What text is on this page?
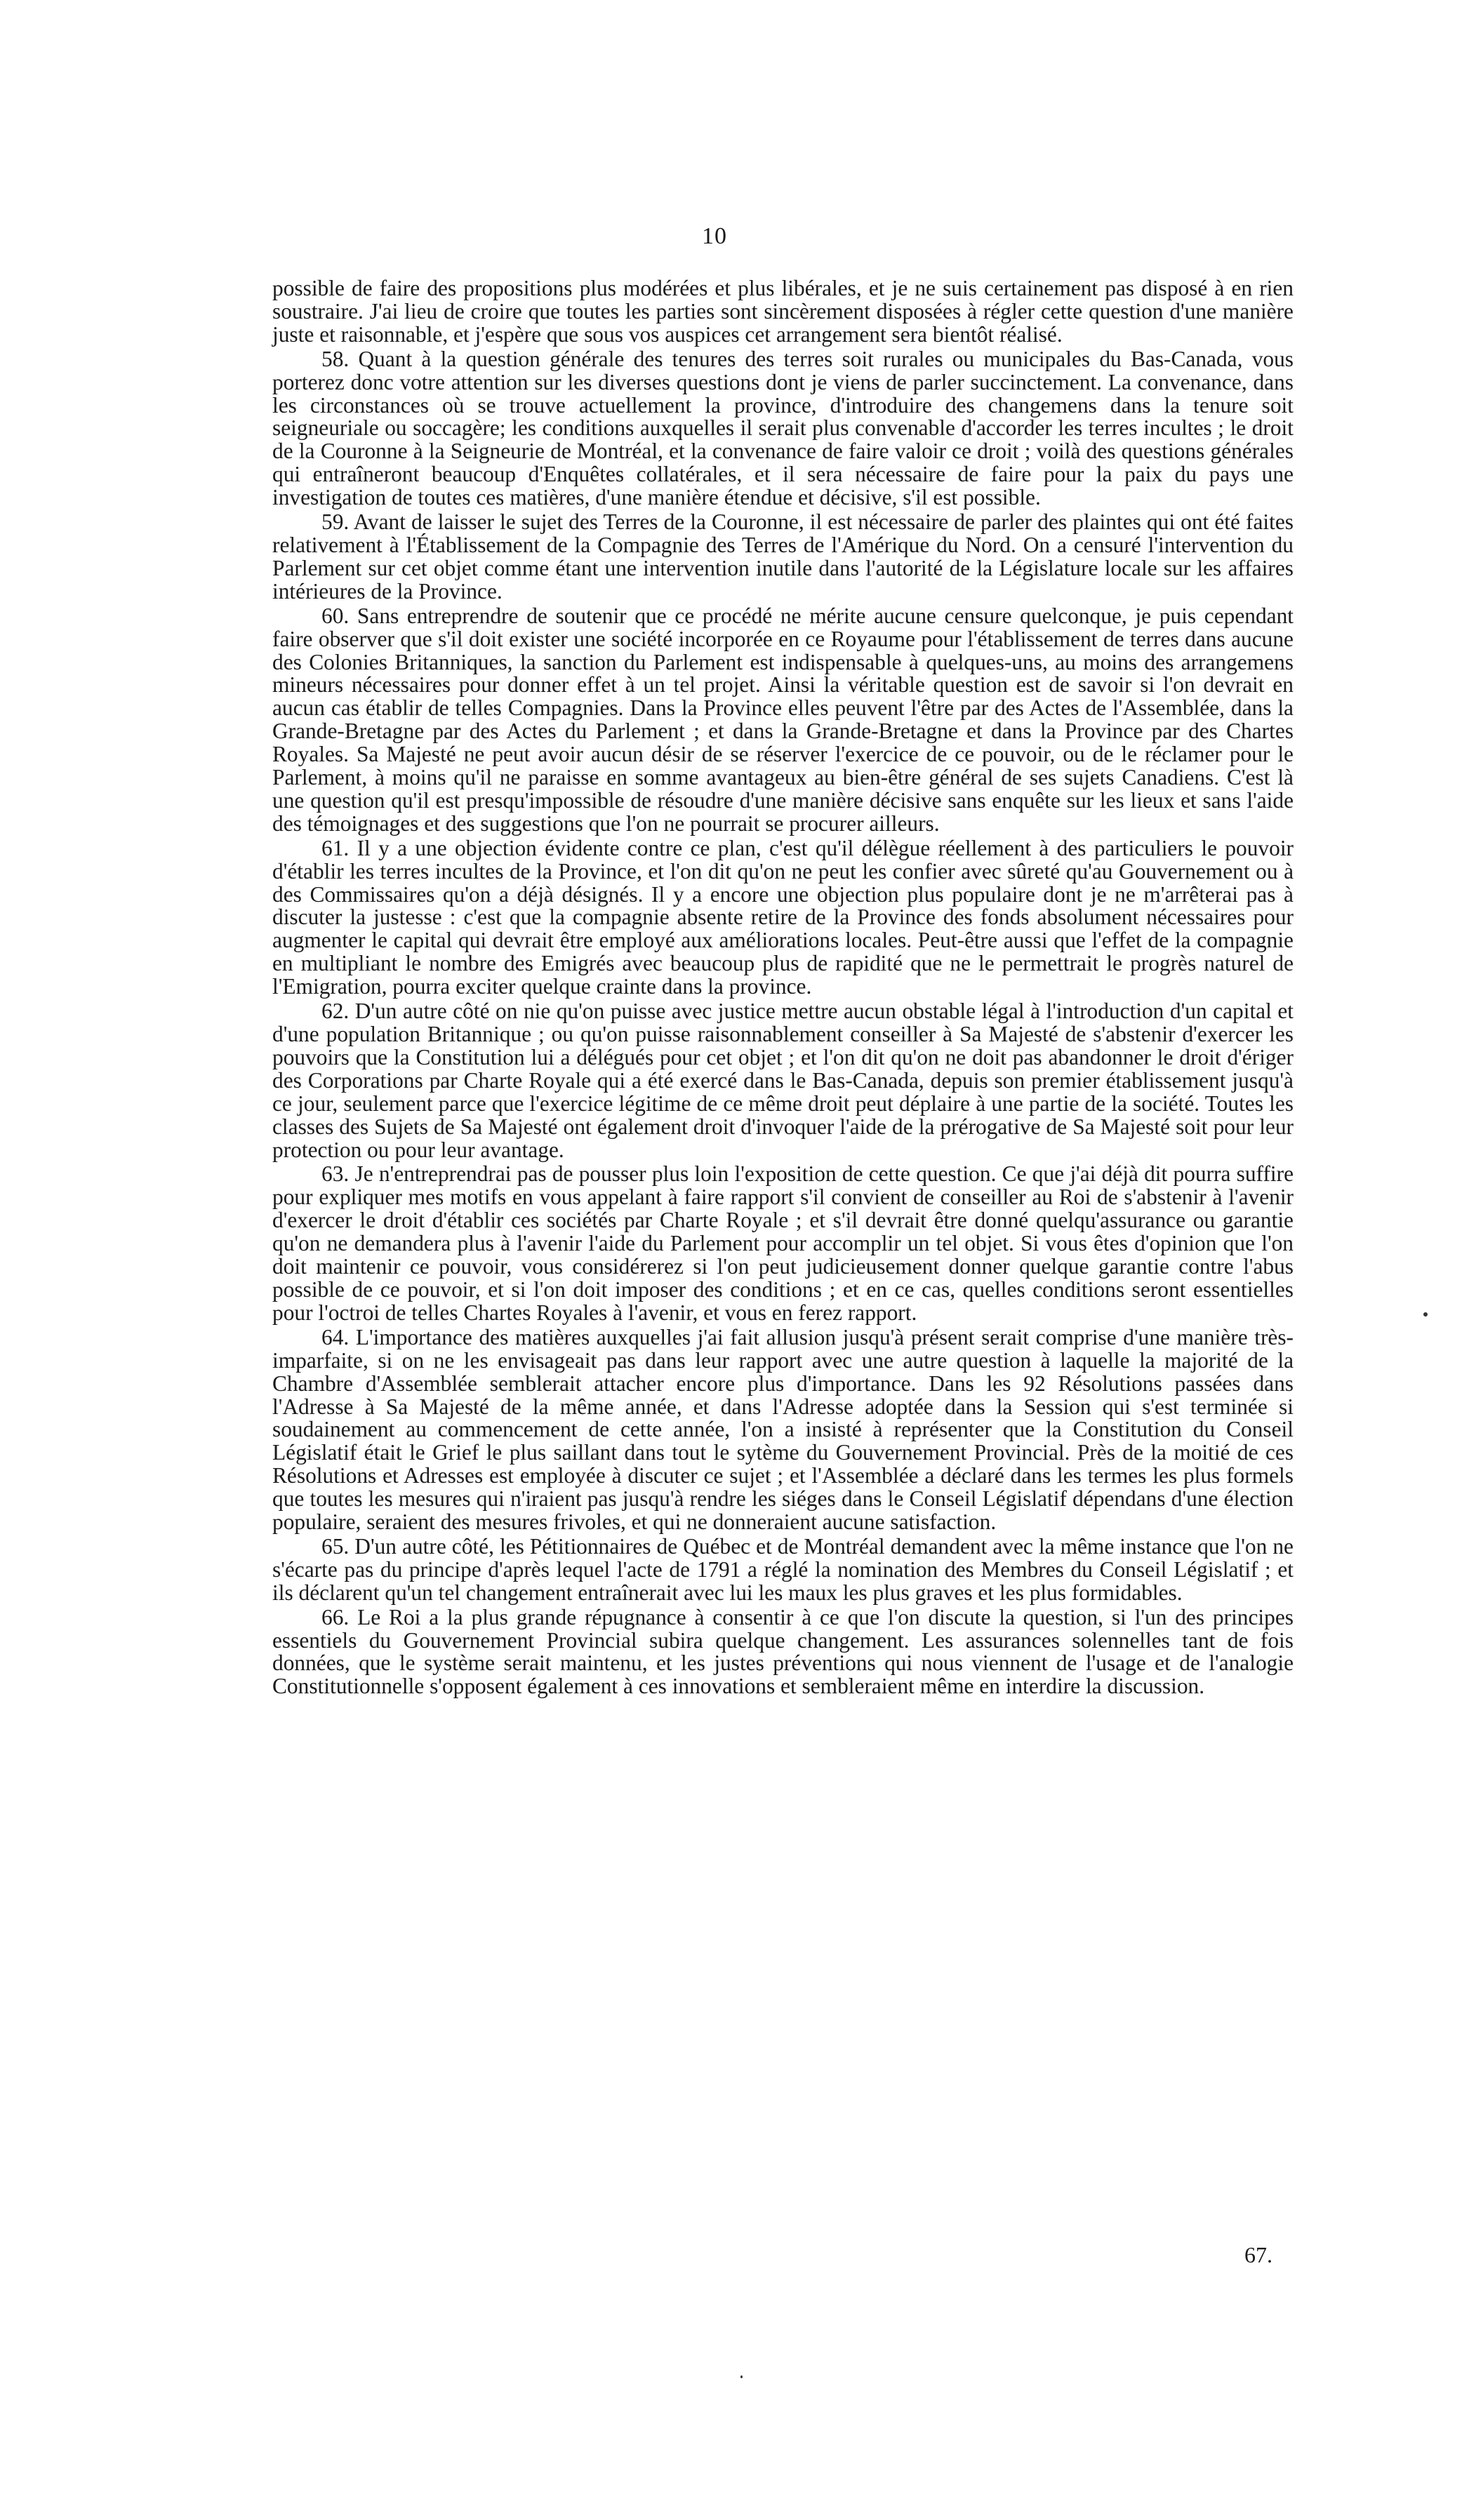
10

possible de faire des propositions plus modérées et plus libérales, et je ne suis certainement pas disposé à en rien soustraire. J'ai lieu de croire que toutes les parties sont sincèrement disposées à régler cette question d'une manière juste et raisonnable, et j'espère que sous vos auspices cet arrangement sera bientôt réalisé.

58. Quant à la question générale des tenures des terres soit rurales ou municipales du Bas-Canada, vous porterez donc votre attention sur les diverses questions dont je viens de parler succinctement. La convenance, dans les circonstances où se trouve actuellement la province, d'introduire des changemens dans la tenure soit seigneuriale ou soccagère; les conditions auxquelles il serait plus convenable d'accorder les terres incultes ; le droit de la Couronne à la Seigneurie de Montréal, et la convenance de faire valoir ce droit ; voilà des questions générales qui entraîneront beaucoup d'Enquêtes collatérales, et il sera nécessaire de faire pour la paix du pays une investigation de toutes ces matières, d'une manière étendue et décisive, s'il est possible.

59. Avant de laisser le sujet des Terres de la Couronne, il est nécessaire de parler des plaintes qui ont été faites relativement à l'Établissement de la Compagnie des Terres de l'Amérique du Nord. On a censuré l'intervention du Parlement sur cet objet comme étant une intervention inutile dans l'autorité de la Législature locale sur les affaires intérieures de la Province.

60. Sans entreprendre de soutenir que ce procédé ne mérite aucune censure quelconque, je puis cependant faire observer que s'il doit exister une société incorporée en ce Royaume pour l'établissement de terres dans aucune des Colonies Britanniques, la sanction du Parlement est indispensable à quelques-uns, au moins des arrangemens mineurs nécessaires pour donner effet à un tel projet. Ainsi la véritable question est de savoir si l'on devrait en aucun cas établir de telles Compagnies. Dans la Province elles peuvent l'être par des Actes de l'Assemblée, dans la Grande-Bretagne par des Actes du Parlement ; et dans la Grande-Bretagne et dans la Province par des Chartes Royales. Sa Majesté ne peut avoir aucun désir de se réserver l'exercice de ce pouvoir, ou de le réclamer pour le Parlement, à moins qu'il ne paraisse en somme avantageux au bien-être général de ses sujets Canadiens. C'est là une question qu'il est presqu'impossible de résoudre d'une manière décisive sans enquête sur les lieux et sans l'aide des témoignages et des suggestions que l'on ne pourrait se procurer ailleurs.

61. Il y a une objection évidente contre ce plan, c'est qu'il délègue réellement à des particuliers le pouvoir d'établir les terres incultes de la Province, et l'on dit qu'on ne peut les confier avec sûreté qu'au Gouvernement ou à des Commissaires qu'on a déjà désignés. Il y a encore une objection plus populaire dont je ne m'arrêterai pas à discuter la justesse : c'est que la compagnie absente retire de la Province des fonds absolument nécessaires pour augmenter le capital qui devrait être employé aux améliorations locales. Peut-être aussi que l'effet de la compagnie en multipliant le nombre des Emigrés avec beaucoup plus de rapidité que ne le permettrait le progrès naturel de l'Emigration, pourra exciter quelque crainte dans la province.

62. D'un autre côté on nie qu'on puisse avec justice mettre aucun obstable légal à l'introduction d'un capital et d'une population Britannique ; ou qu'on puisse raisonnablement conseiller à Sa Majesté de s'abstenir d'exercer les pouvoirs que la Constitution lui a délégués pour cet objet ; et l'on dit qu'on ne doit pas abandonner le droit d'ériger des Corporations par Charte Royale qui a été exercé dans le Bas-Canada, depuis son premier établissement jusqu'à ce jour, seulement parce que l'exercice légitime de ce même droit peut déplaire à une partie de la société. Toutes les classes des Sujets de Sa Majesté ont également droit d'invoquer l'aide de la prérogative de Sa Majesté soit pour leur protection ou pour leur avantage.

63. Je n'entreprendrai pas de pousser plus loin l'exposition de cette question. Ce que j'ai déjà dit pourra suffire pour expliquer mes motifs en vous appelant à faire rapport s'il convient de conseiller au Roi de s'abstenir à l'avenir d'exercer le droit d'établir ces sociétés par Charte Royale ; et s'il devrait être donné quelqu'assurance ou garantie qu'on ne demandera plus à l'avenir l'aide du Parlement pour accomplir un tel objet. Si vous êtes d'opinion que l'on doit maintenir ce pouvoir, vous considérerez si l'on peut judicieusement donner quelque garantie contre l'abus possible de ce pouvoir, et si l'on doit imposer des conditions ; et en ce cas, quelles conditions seront essentielles pour l'octroi de telles Chartes Royales à l'avenir, et vous en ferez rapport.

64. L'importance des matières auxquelles j'ai fait allusion jusqu'à présent serait comprise d'une manière très-imparfaite, si on ne les envisageait pas dans leur rapport avec une autre question à laquelle la majorité de la Chambre d'Assemblée semblerait attacher encore plus d'importance. Dans les 92 Résolutions passées dans l'Adresse à Sa Majesté de la même année, et dans l'Adresse adoptée dans la Session qui s'est terminée si soudainement au commencement de cette année, l'on a insisté à représenter que la Constitution du Conseil Législatif était le Grief le plus saillant dans tout le sytème du Gouvernement Provincial. Près de la moitié de ces Résolutions et Adresses est employée à discuter ce sujet ; et l'Assemblée a déclaré dans les termes les plus formels que toutes les mesures qui n'iraient pas jusqu'à rendre les siéges dans le Conseil Législatif dépendans d'une élection populaire, seraient des mesures frivoles, et qui ne donneraient aucune satisfaction.

65. D'un autre côté, les Pétitionnaires de Québec et de Montréal demandent avec la même instance que l'on ne s'écarte pas du principe d'après lequel l'acte de 1791 a réglé la nomination des Membres du Conseil Législatif ; et ils déclarent qu'un tel changement entraînerait avec lui les maux les plus graves et les plus formidables.

66. Le Roi a la plus grande répugnance à consentir à ce que l'on discute la question, si l'un des principes essentiels du Gouvernement Provincial subira quelque changement. Les assurances solennelles tant de fois données, que le système serait maintenu, et les justes préventions qui nous viennent de l'usage et de l'analogie Constitutionnelle s'opposent également à ces innovations et sembleraient même en interdire la discussion.

67.
